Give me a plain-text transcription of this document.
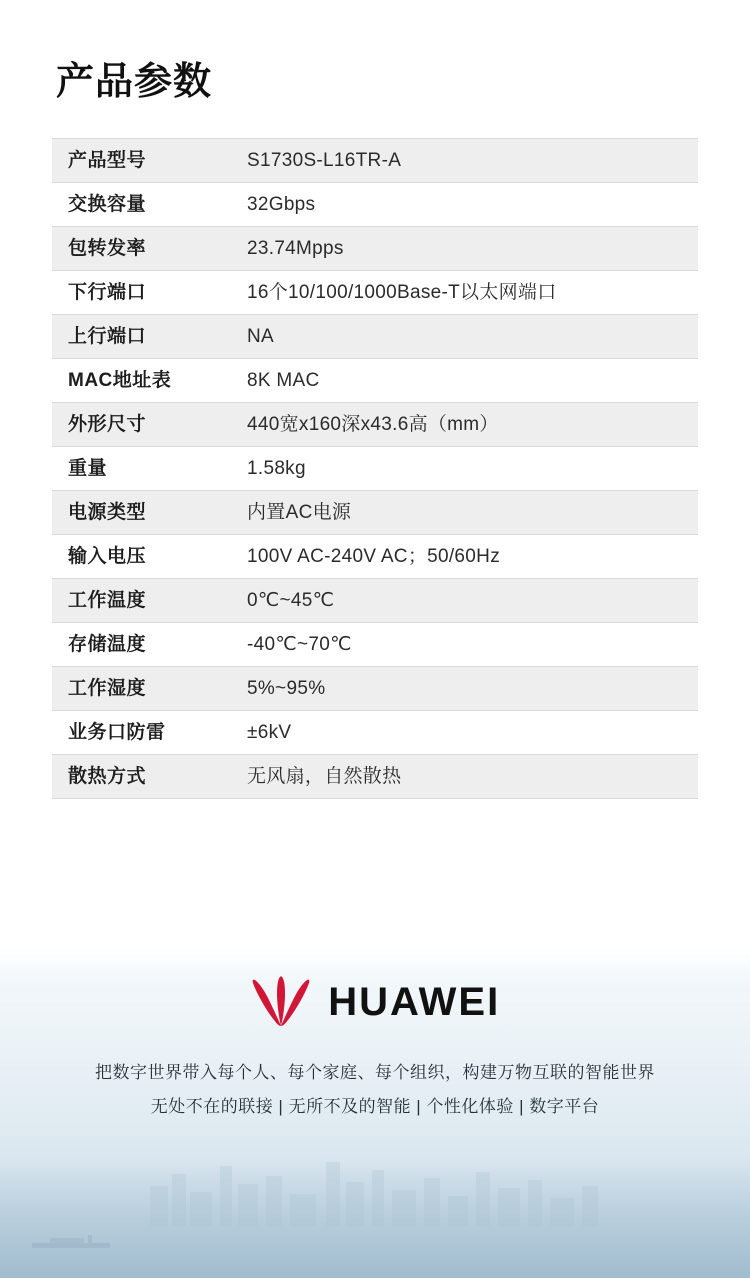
产品参数
产品型号	S1730S-L16TR-A
交换容量	32Gbps
包转发率	23.74Mpps
下行端口	16个10/100/1000Base-T以太网端口
上行端口	NA
MAC地址表	8K MAC
外形尺寸	440宽x160深x43.6高（mm）
重量	1.58kg
电源类型	内置AC电源
输入电压	100V AC-240V AC；50/60Hz
工作温度	0℃~45℃
存储温度	-40℃~70℃
工作湿度	5%~95%
业务口防雷	±6kV
散热方式	无风扇，自然散热
HUAWEI
把数字世界带入每个人、每个家庭、每个组织，构建万物互联的智能世界
无处不在的联接 | 无所不及的智能 | 个性化体验 | 数字平台
